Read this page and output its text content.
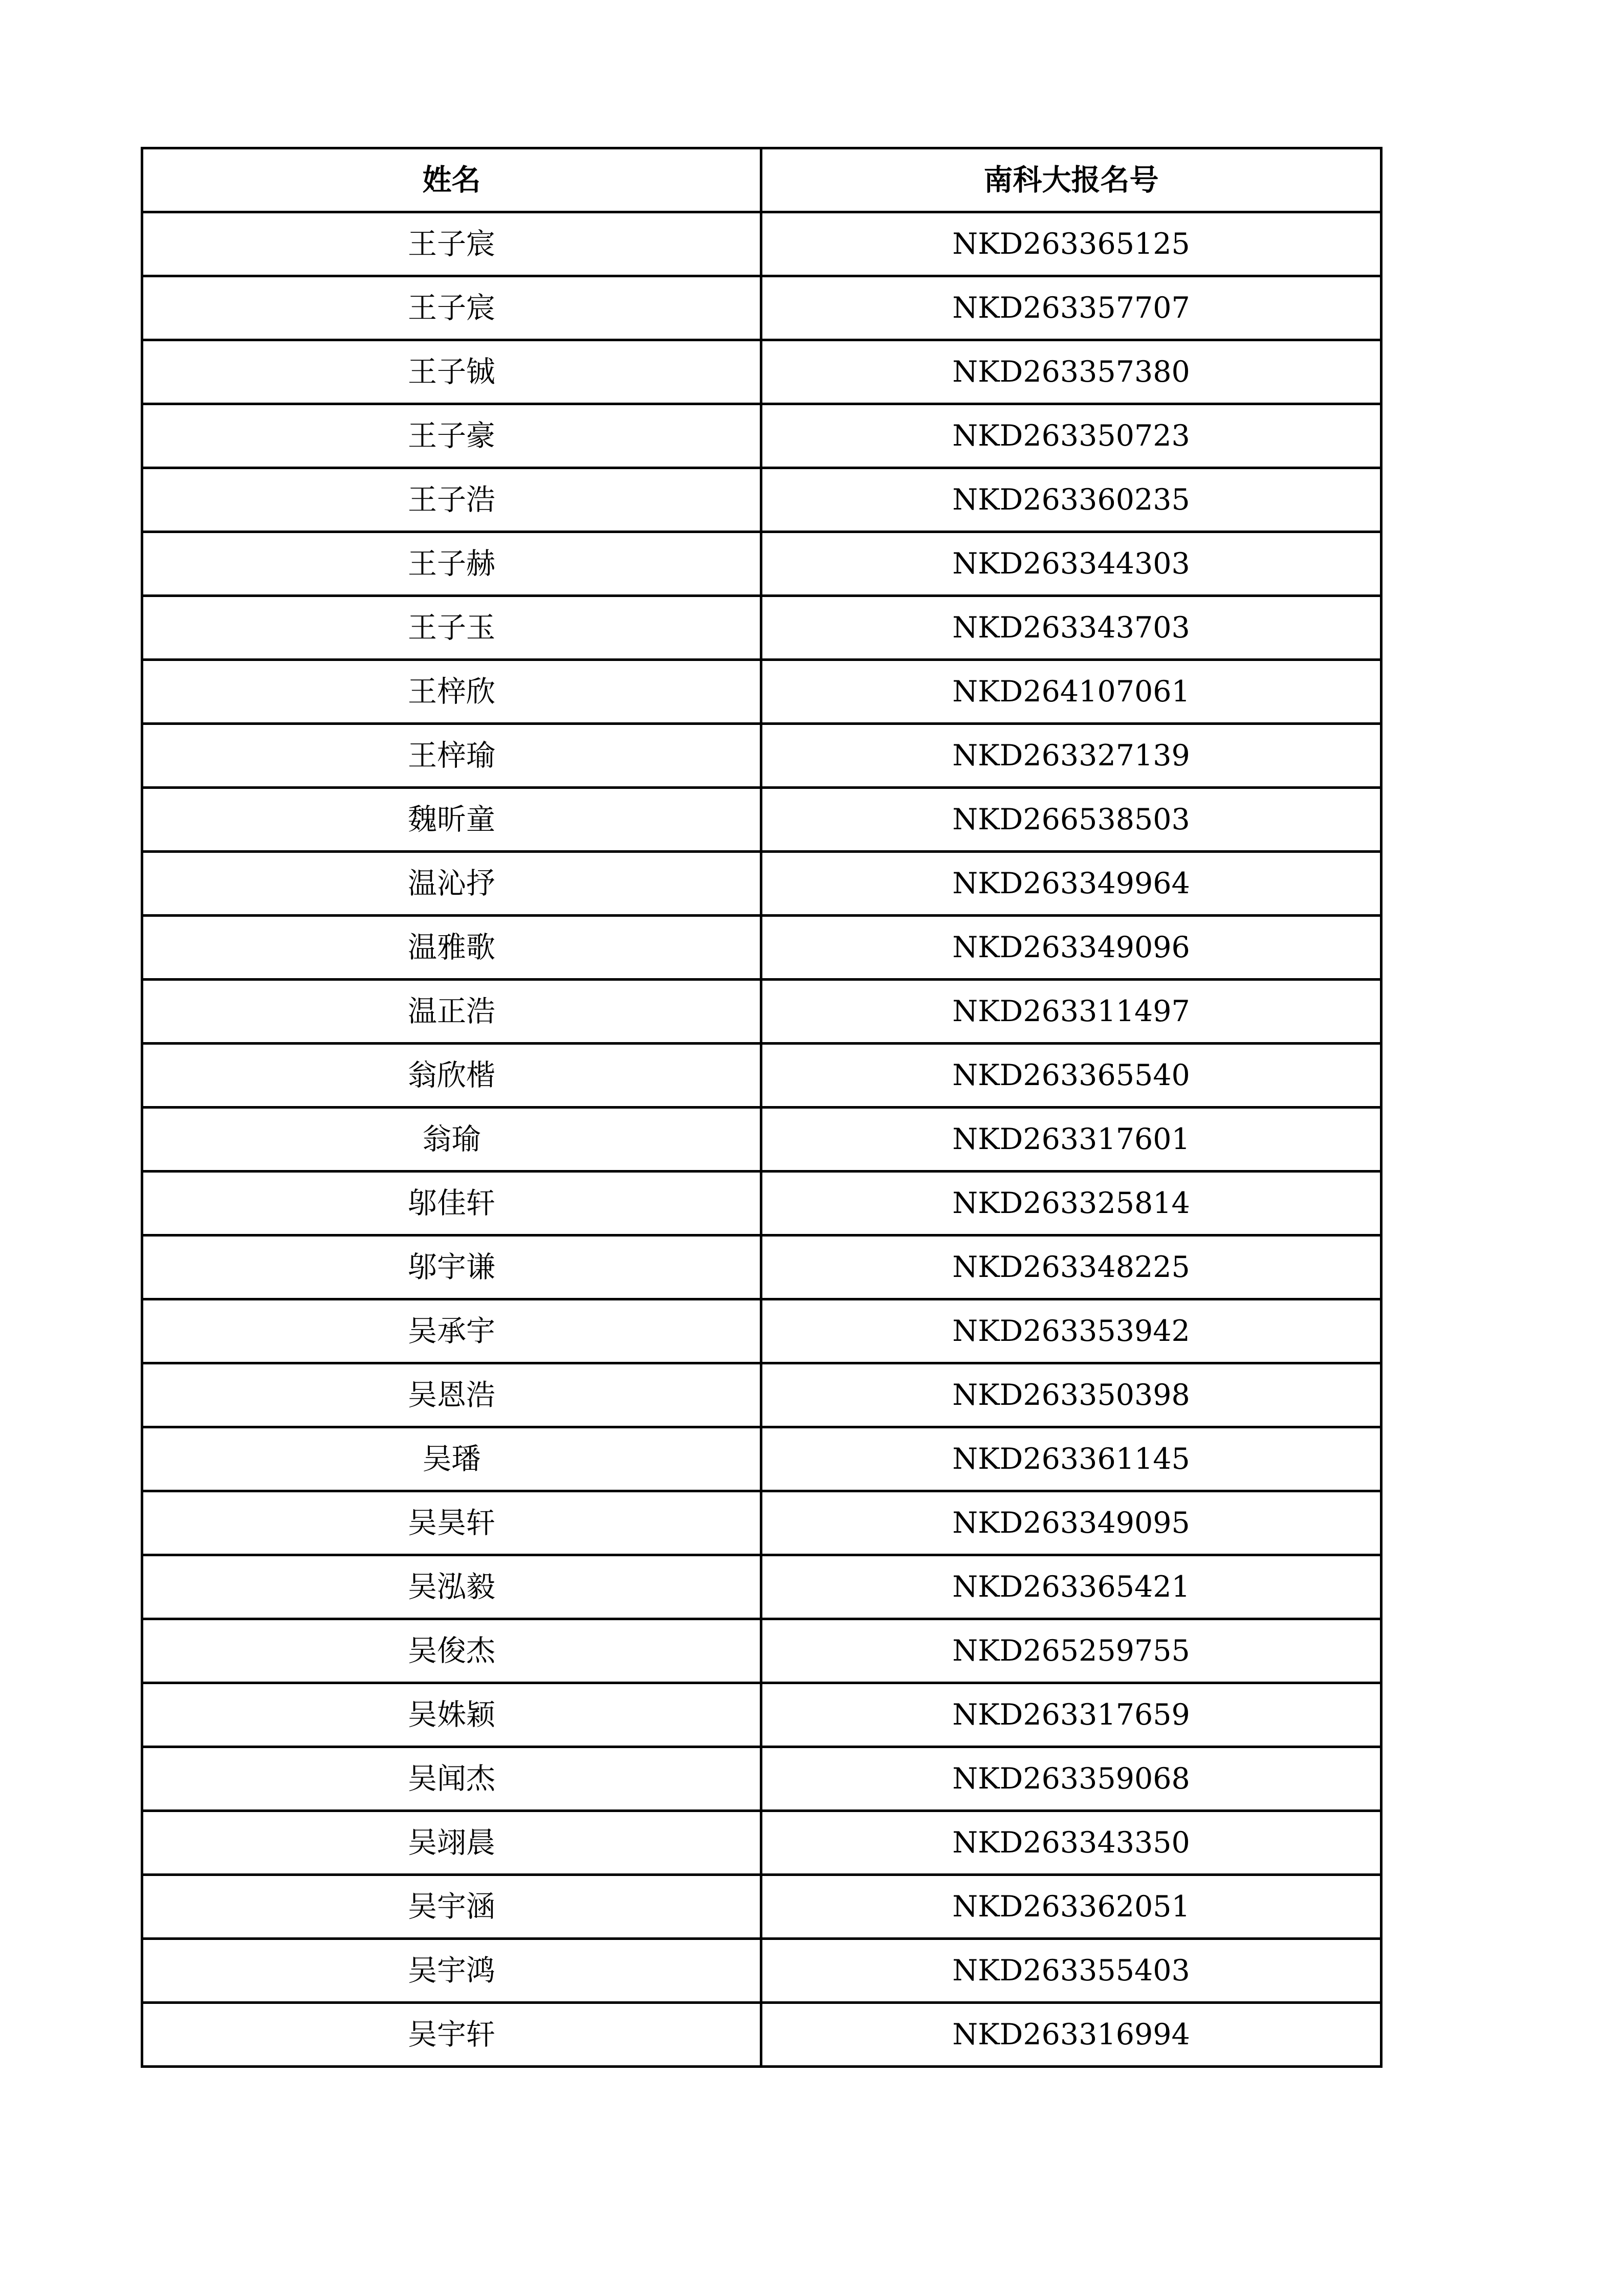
姓名	南科大报名号
王子宸	NKD263365125
王子宸	NKD263357707
王子铖	NKD263357380
王子豪	NKD263350723
王子浩	NKD263360235
王子赫	NKD263344303
王子玉	NKD263343703
王梓欣	NKD264107061
王梓瑜	NKD263327139
魏昕童	NKD266538503
温沁抒	NKD263349964
温雅歌	NKD263349096
温正浩	NKD263311497
翁欣楷	NKD263365540
翁瑜	NKD263317601
邬佳轩	NKD263325814
邬宇谦	NKD263348225
吴承宇	NKD263353942
吴恩浩	NKD263350398
吴璠	NKD263361145
吴昊轩	NKD263349095
吴泓毅	NKD263365421
吴俊杰	NKD265259755
吴姝颖	NKD263317659
吴闻杰	NKD263359068
吴翊晨	NKD263343350
吴宇涵	NKD263362051
吴宇鸿	NKD263355403
吴宇轩	NKD263316994
